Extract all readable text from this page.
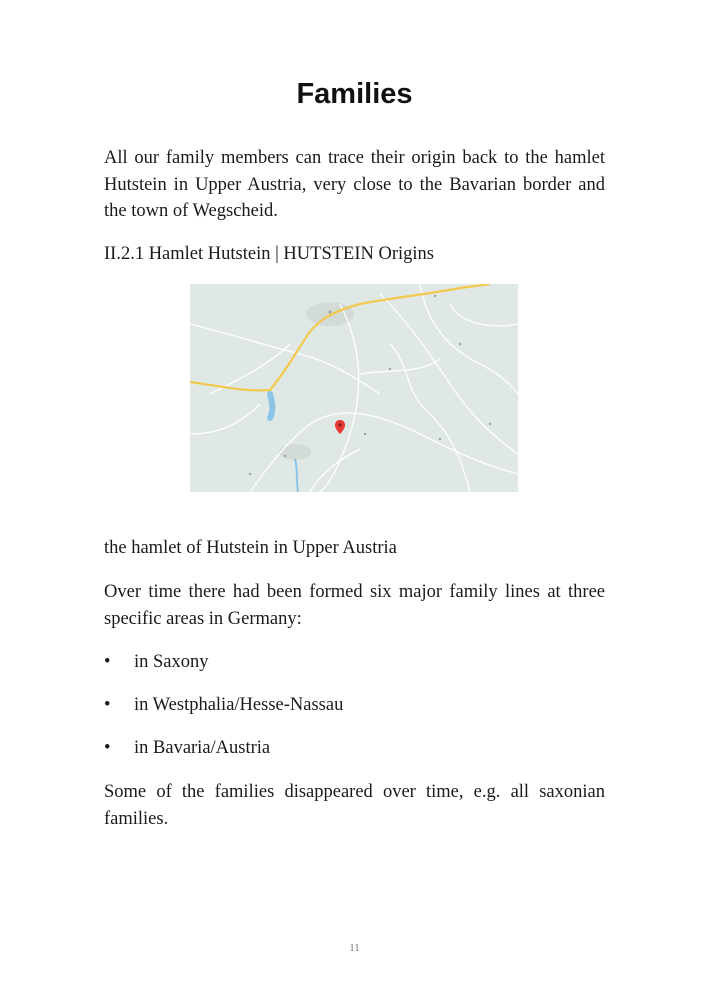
Families

All our family members can trace their origin back to the hamlet Hutstein in Upper Austria, very close to the Bavarian border and the town of Wegscheid.

II.2.1 Hamlet Hutstein | HUTSTEIN Origins

the hamlet of Hutstein in Upper Austria

Over time there had been formed six major family lines at three specific areas in Germany:

• in Saxony

• in Westphalia/Hesse-Nassau

• in Bavaria/Austria

Some of the families disappeared over time, e.g. all saxonian families.

11
